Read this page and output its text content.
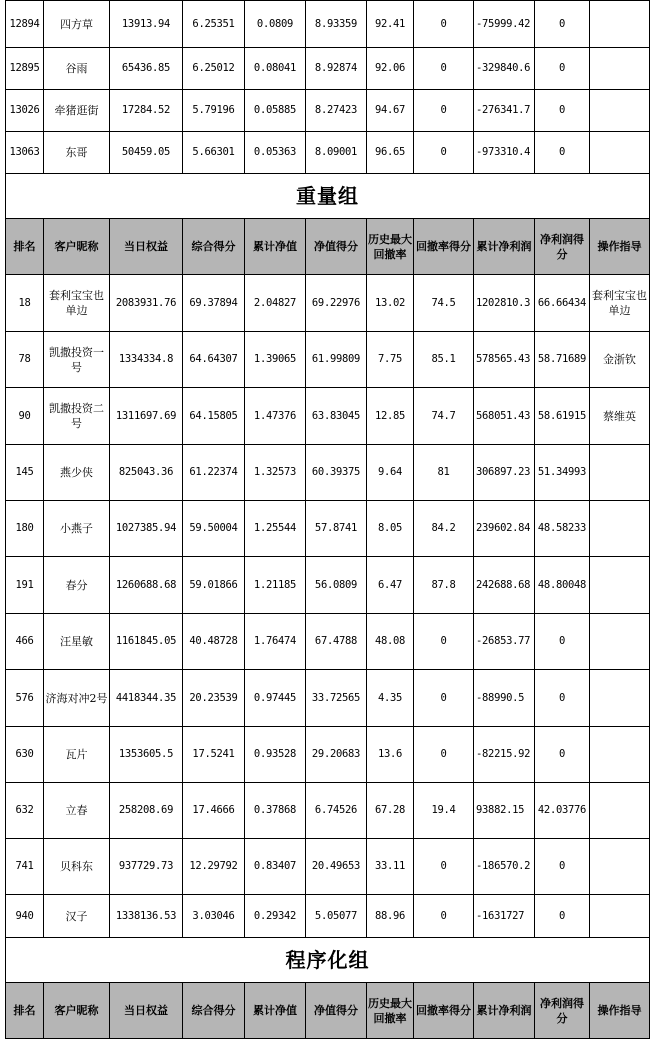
12894	四方草	13913.94	6.25351	0.0809	8.93359	92.41	0	-75999.42	0	
12895	谷雨	65436.85	6.25012	0.08041	8.92874	92.06	0	-329840.6	0	
13026	牵猪逛街	17284.52	5.79196	0.05885	8.27423	94.67	0	-276341.7	0	
13063	东哥	50459.05	5.66301	0.05363	8.09001	96.65	0	-973310.4	0	
重量组										
排名	客户昵称	当日权益	综合得分	累计净值	净值得分	历史最大回撤率	回撤率得分	累计净利润	净利润得分	操作指导
18	套利宝宝也单边	2083931.76	69.37894	2.04827	69.22976	13.02	74.5	1202810.3	66.66434	套利宝宝也单边
78	凯撒投资一号	1334334.8	64.64307	1.39065	61.99809	7.75	85.1	578565.43	58.71689	金浙钦
90	凯撒投资二号	1311697.69	64.15805	1.47376	63.83045	12.85	74.7	568051.43	58.61915	蔡维英
145	燕少侠	825043.36	61.22374	1.32573	60.39375	9.64	81	306897.23	51.34993	
180	小燕子	1027385.94	59.50004	1.25544	57.8741	8.05	84.2	239602.84	48.58233	
191	春分	1260688.68	59.01866	1.21185	56.0809	6.47	87.8	242688.68	48.80048	
466	汪星敏	1161845.05	40.48728	1.76474	67.4788	48.08	0	-26853.77	0	
576	济海对冲2号	4418344.35	20.23539	0.97445	33.72565	4.35	0	-88990.5	0	
630	瓦片	1353605.5	17.5241	0.93528	29.20683	13.6	0	-82215.92	0	
632	立春	258208.69	17.4666	0.37868	6.74526	67.28	19.4	93882.15	42.03776	
741	贝科东	937729.73	12.29792	0.83407	20.49653	33.11	0	-186570.2	0	
940	汉子	1338136.53	3.03046	0.29342	5.05077	88.96	0	-1631727	0	
程序化组										
排名	客户昵称	当日权益	综合得分	累计净值	净值得分	历史最大回撤率	回撤率得分	累计净利润	净利润得分	操作指导
